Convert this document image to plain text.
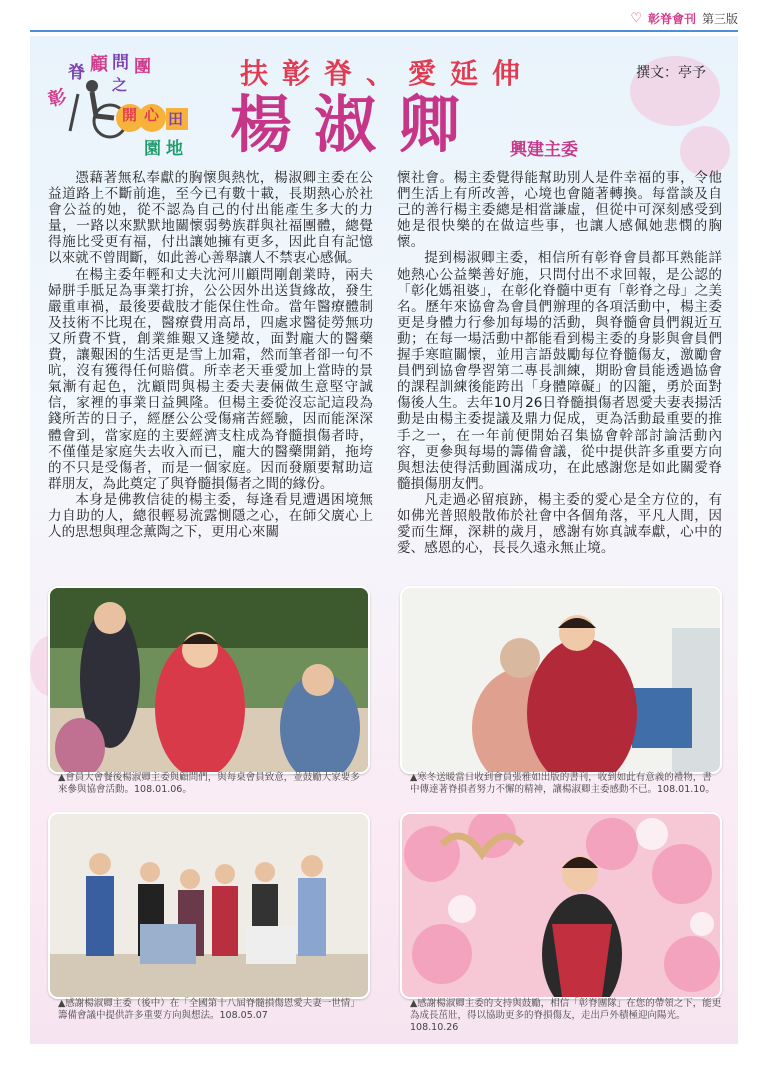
♡ 彰脊會刊 第三版
彰
脊 顧 問 團
之
開 心 田
園 地
扶彰脊、愛延伸	撰文：亭予
楊淑卿 興建主委

憑藉著無私奉獻的胸懷與熱忱，楊淑卿主委在公益道路上不斷前進，至今已有數十載，長期熱心於社會公益的她，從不認為自己的付出能產生多大的力量，一路以來默默地關懷弱勢族群與社福團體，總覺得施比受更有福，付出讓她擁有更多，因此自有記憶以來就不曾間斷，如此善心善舉讓人不禁衷心感佩。

在楊主委年輕和丈夫沈河川顧問剛創業時，兩夫婦胼手胝足為事業打拚，公公因外出送貨緣故，發生嚴重車禍，最後要截肢才能保住性命。當年醫療體制及技術不比現在，醫療費用高昂，四處求醫徒勞無功又所費不貲，創業維艱又逢變故，面對龐大的醫藥費，讓艱困的生活更是雪上加霜，然而筆者卻一句不吭，沒有獲得任何賠償。所幸老天垂愛加上當時的景氣漸有起色，沈顧問與楊主委夫妻倆做生意堅守誠信，家裡的事業日益興隆。但楊主委從沒忘記這段為錢所苦的日子，經歷公公受傷痛苦經驗，因而能深深體會到，當家庭的主要經濟支柱成為脊髓損傷者時，不僅僅是家庭失去收入而已，龐大的醫藥開銷，拖垮的不只是受傷者，而是一個家庭。因而發願要幫助這群朋友，為此奠定了與脊髓損傷者之間的緣份。

本身是佛教信徒的楊主委，每逢看見遭遇困境無力自助的人，總很輕易流露惻隱之心，在師父廣心上人的思想與理念薰陶之下，更用心來關

懷社會。楊主委覺得能幫助別人是件幸福的事，令他們生活上有所改善，心境也會隨著轉換。每當談及自己的善行楊主委總是相當謙虛，但從中可深刻感受到她是很快樂的在做這些事，也讓人感佩她悲憫的胸懷。

提到楊淑卿主委，相信所有彰脊會員都耳熟能詳她熱心公益樂善好施，只問付出不求回報，是公認的「彰化媽祖婆」，在彰化脊髓中更有「彰脊之母」之美名。歷年來協會為會員們辦理的各項活動中，楊主委更是身體力行參加每場的活動，與脊髓會員們親近互動；在每一場活動中都能看到楊主委的身影與會員們握手寒暄關懷，並用言語鼓勵每位脊髓傷友，激勵會員們到協會學習第二專長訓練，期盼會員能透過協會的課程訓練後能跨出「身體障礙」的囚籠，勇於面對傷後人生。去年10月26日脊髓損傷者恩愛夫妻表揚活動是由楊主委提議及鼎力促成，更為活動最重要的推手之一，在一年前便開始召集協會幹部討論活動內容，更參與每場的籌備會議，從中提供許多重要方向與想法使得活動圓滿成功，在此感謝您是如此關愛脊髓損傷朋友們。

凡走過必留痕跡，楊主委的愛心是全方位的，有如佛光普照般散佈於社會中各個角落，平凡人間，因愛而生輝，深耕的歲月，感謝有妳真誠奉獻，心中的愛、感恩的心，長長久遠永無止境。

▲會員大會餐後楊淑卿主委與顧問們，與每桌會員致意，並鼓勵大家要多來參與協會活動。108.01.06。
▲寒冬送暖當日收到會員張雅如出版的書刊，收到如此有意義的禮物，書中傳達著脊損者努力不懈的精神，讓楊淑卿主委感動不已。108.01.10。
▲感謝楊淑卿主委（後中）在「全國第十八屆脊髓損傷恩愛夫妻一世情」籌備會議中提供許多重要方向與想法。108.05.07
▲感謝楊淑卿主委的支持與鼓勵，相信「彰脊團隊」在您的帶領之下，能更為成長茁壯，得以協助更多的脊損傷友，走出戶外積極迎向陽光。108.10.26
